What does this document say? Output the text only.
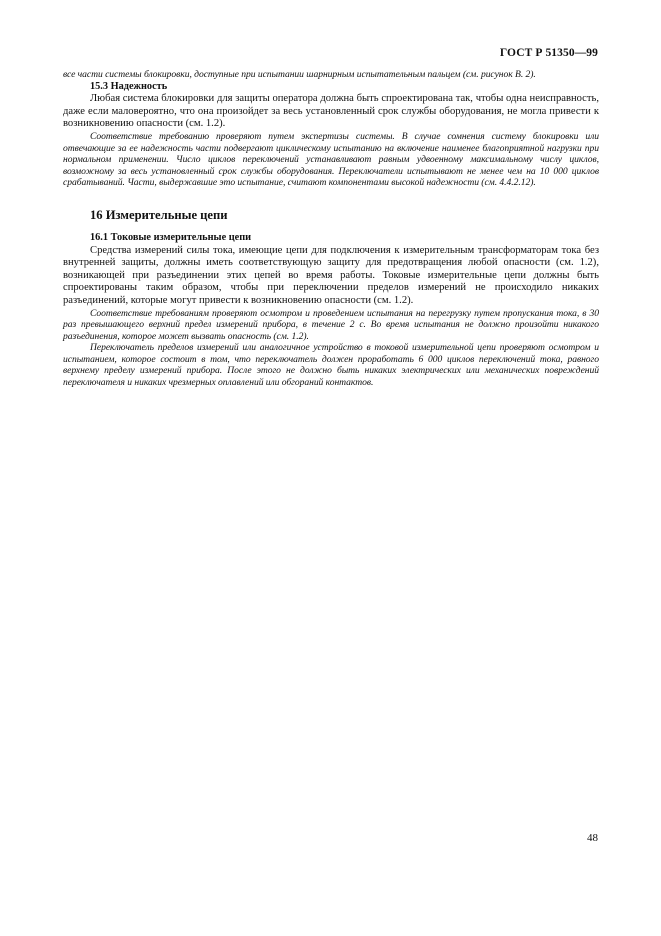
ГОСТ Р 51350—99

все части системы блокировки, доступные при испытании шарнирным испытательным пальцем (см. рисунок В. 2).

15.3 Надежность

Любая система блокировки для защиты оператора должна быть спроектирована так, чтобы одна неисправность, даже если маловероятно, что она произойдет за весь установленный срок службы оборудования, не могла привести к возникновению опасности (см. 1.2).

Соответствие требованию проверяют путем экспертизы системы. В случае сомнения систему блокировки или отвечающие за ее надежность части подвергают циклическому испытанию на включение наименее благоприятной нагрузки при нормальном применении. Число циклов переключений устанавливают равным удвоенному максимальному числу циклов, возможному за весь установленный срок службы оборудования. Переключатели испытывают не менее чем на 10 000 циклов срабатываний. Части, выдержавшие это испытание, считают компонентами высокой надежности (см. 4.4.2.12).

16 Измерительные цепи

16.1 Токовые измерительные цепи

Средства измерений силы тока, имеющие цепи для подключения к измерительным трансформаторам тока без внутренней защиты, должны иметь соответствующую защиту для предотвращения любой опасности (см. 1.2), возникающей при разъединении этих цепей во время работы. Токовые измерительные цепи должны быть спроектированы таким образом, чтобы при переключении пределов измерений не происходило никаких разъединений, которые могут привести к возникновению опасности (см. 1.2).

Соответствие требованиям проверяют осмотром и проведением испытания на перегрузку путем пропускания тока, в 30 раз превышающего верхний предел измерений прибора, в течение 2 с. Во время испытания не должно произойти никакого разъединения, которое может вызвать опасность (см. 1.2).

Переключатель пределов измерений или аналогичное устройство в токовой измерительной цепи проверяют осмотром и испытанием, которое состоит в том, что переключатель должен проработать 6 000 циклов переключений тока, равного верхнему пределу измерений прибора. После этого не должно быть никаких электрических или механических повреждений переключателя и никаких чрезмерных оплавлений или обгораний контактов.

48
